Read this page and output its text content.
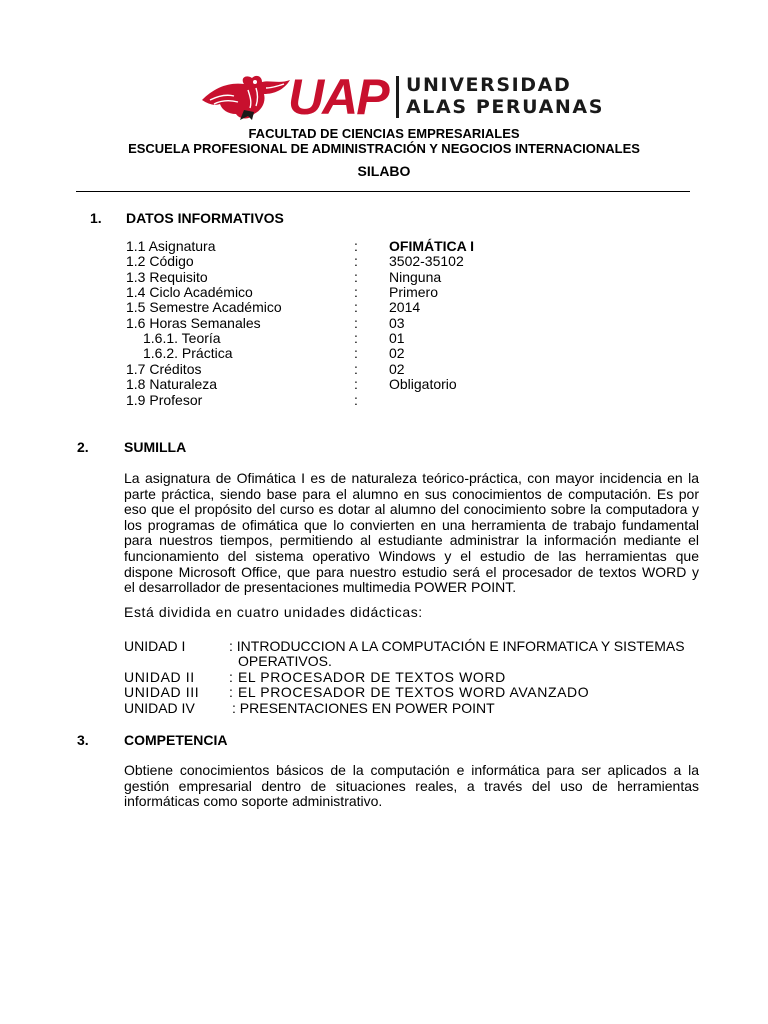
UAP UNIVERSIDAD
ALAS PERUANAS
FACULTAD DE CIENCIAS EMPRESARIALES
ESCUELA PROFESIONAL DE ADMINISTRACIÓN Y NEGOCIOS INTERNACIONALES
SILABO
1. DATOS INFORMATIVOS
1.1 Asignatura	: OFIMÁTICA I
1.2 Código	: 3502-35102
1.3 Requisito	: Ninguna
1.4 Ciclo Académico	: Primero
1.5 Semestre Académico	: 2014
1.6 Horas Semanales	: 03
1.6.1. Teoría	: 01
1.6.2. Práctica	: 02
1.7 Créditos	: 02
1.8 Naturaleza	: Obligatorio
1.9 Profesor	:
2.	SUMILLA
La asignatura de Ofimática I es de naturaleza teórico-práctica, con mayor incidencia en la
parte práctica, siendo base para el alumno en sus conocimientos de computación. Es por
eso que el propósito del curso es dotar al alumno del conocimiento sobre la computadora y
los programas de ofimática que lo convierten en una herramienta de trabajo fundamental
para nuestros tiempos, permitiendo al estudiante administrar la información mediante el
funcionamiento del sistema operativo Windows y el estudio de las herramientas que
dispone Microsoft Office, que para nuestro estudio será el procesador de textos WORD y
el desarrollador de presentaciones multimedia POWER POINT.
Está dividida en cuatro unidades didácticas:
UNIDAD I	: INTRODUCCION A LA COMPUTACIÓN E INFORMATICA Y SISTEMAS
OPERATIVOS.
UNIDAD II : EL PROCESADOR DE TEXTOS WORD
UNIDAD III : EL PROCESADOR DE TEXTOS WORD AVANZADO
UNIDAD IV	: PRESENTACIONES EN POWER POINT
3.	COMPETENCIA
Obtiene conocimientos básicos de la computación e informática para ser aplicados a la
gestión empresarial dentro de situaciones reales, a través del uso de herramientas
informáticas como soporte administrativo.
